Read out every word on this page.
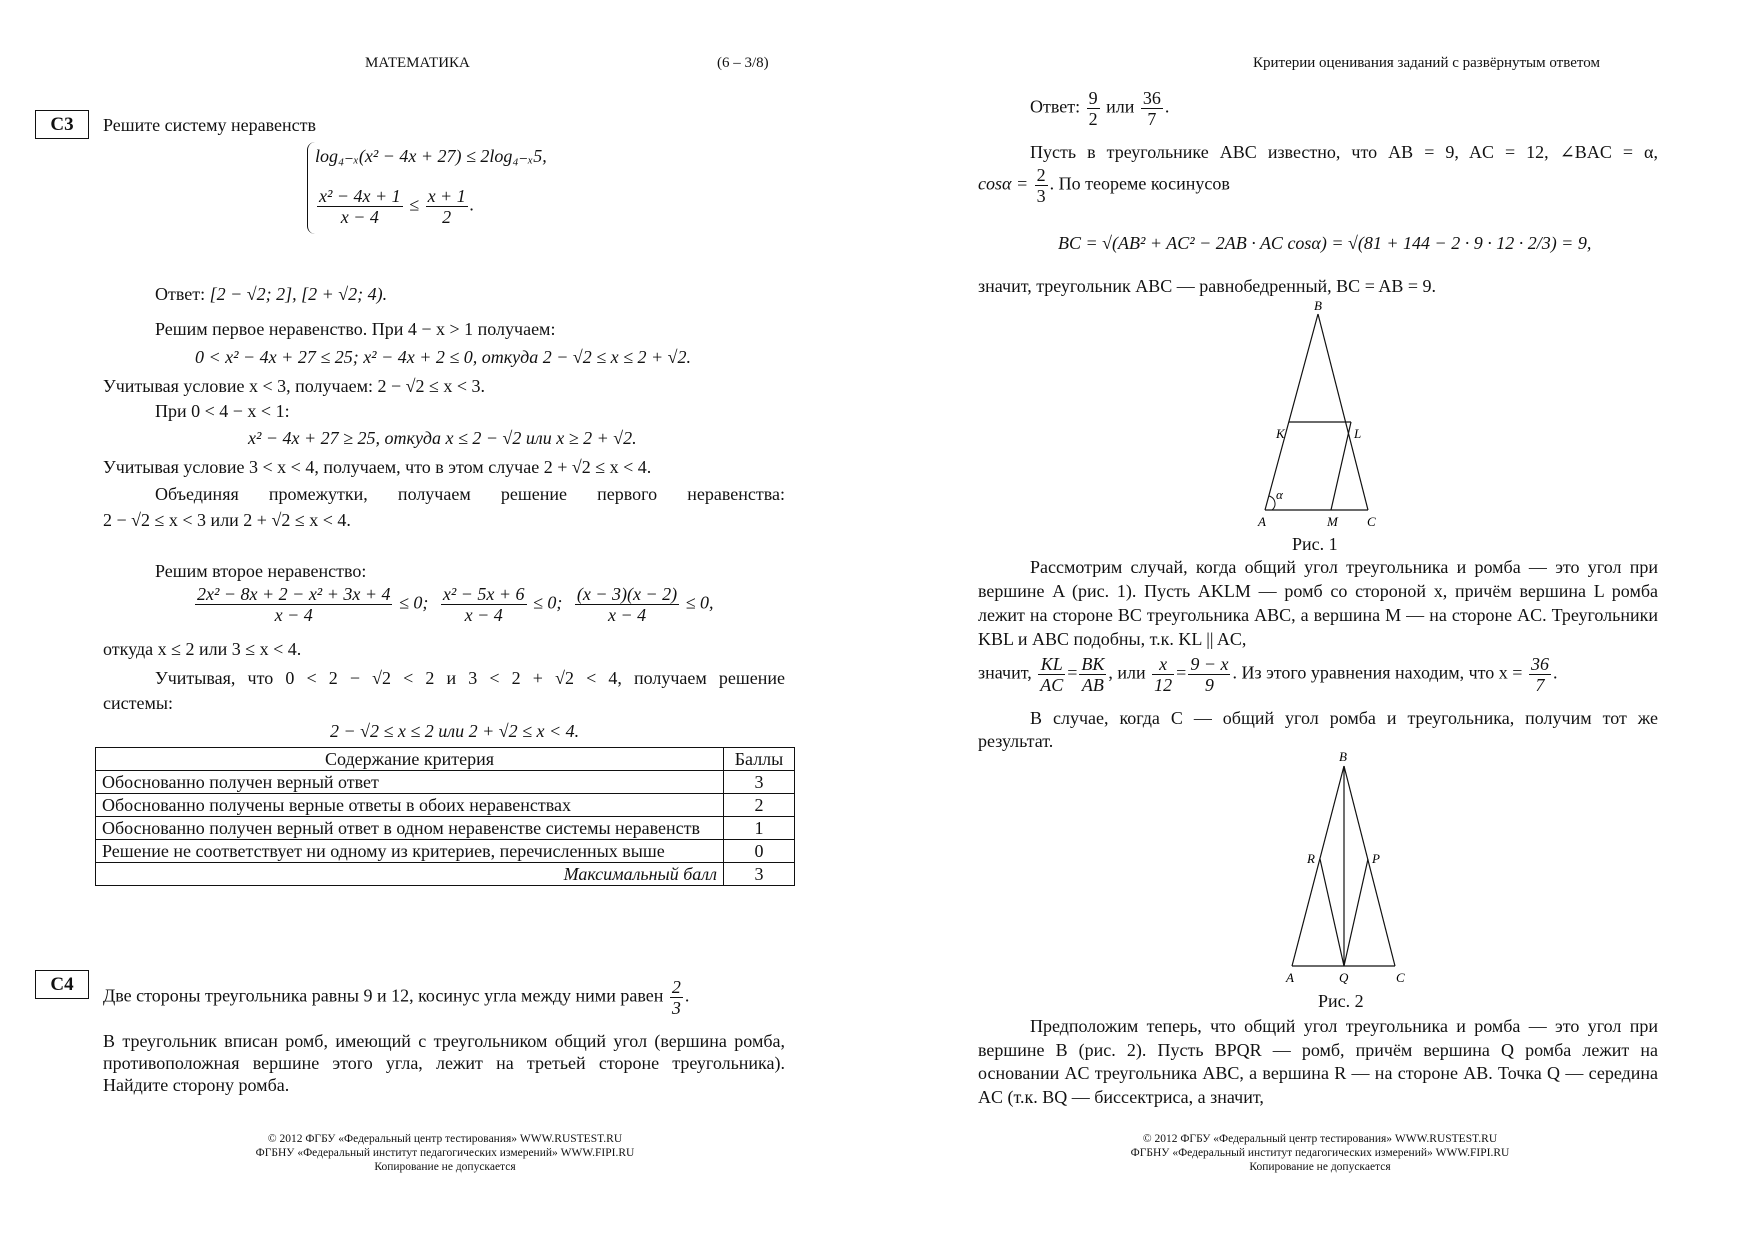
МАТЕМАТИКА	(6 – 3/8)
С3	Решите систему неравенств
log₄₋ₓ(x² − 4x + 27) ≤ 2log₄₋ₓ5,
$\frac{\text{x² − 4x + 1}}{x - 4} \le \frac{x + 1}{2}$ .
Ответ: [2 − √2; 2], [2 + √2; 4).
Решим первое неравенство. При 4 − x > 1 получаем:
0 < x² − 4x + 27 ≤ 25; x² − 4x + 2 ≤ 0, откуда 2 − √2 ≤ x ≤ 2 + √2.
Учитывая условие x < 3, получаем: 2 − √2 ≤ x < 3.
При 0 < 4 − x < 1:
x² − 4x + 27 ≥ 25, откуда x ≤ 2 − √2 или x ≥ 2 + √2.
Учитывая условие 3 < x < 4, получаем, что в этом случае 2 + √2 ≤ x < 4.
Объединяя промежутки, получаем решение первого неравенства:
2 − √2 ≤ x < 3 или 2 + √2 ≤ x < 4.
Решим второе неравенство:
$\frac{\text{2x² − 8x + 2 − x² + 3x + 4}}{x - 4} \le 0$; $\frac{\text{x² − 5x + 6}}{x - 4} \le 0$; $\frac{(x - 3)(x - 2)}{x - 4} \le 0$,
откуда x ≤ 2 или 3 ≤ x < 4.
Учитывая, что 0 < 2 − √2 < 2 и 3 < 2 + √2 < 4, получаем решение
системы:
2 − √2 ≤ x ≤ 2 или 2 + √2 ≤ x < 4.
Содержание критерия	Баллы
Обоснованно получен верный ответ	3
Обоснованно получены верные ответы в обоих неравенствах	2
Обоснованно получен верный ответ в одном неравенстве системы неравенств	1
Решение не соответствует ни одному из критериев, перечисленных выше	0
Максимальный балл	3
С4
Две стороны треугольника равны 9 и 12, косинус угла между ними равен $\frac{2}{3}$ .
В треугольник вписан ромб, имеющий с треугольником общий угол (вершина ромба, противоположная вершине этого угла, лежит на третьей стороне треугольника). Найдите сторону ромба.
© 2012 ФГБУ «Федеральный центр тестирования» WWW.RUSTEST.RU
ФГБНУ «Федеральный институт педагогических измерений» WWW.FIPI.RU
Копирование не допускается
Критерии оценивания заданий с развёрнутым ответом
Ответ: $\frac{9}{2}$ или $\frac{36}{7}$ .
Пусть в треугольнике ABC известно, что AB = 9, AC = 12, ∠BAC = α,
$\cos\alpha = \frac{2}{3}$ . По теореме косинусов
BC = √(AB² + AC² − 2AB · AC cosα) = √(81 + 144 − 2 · 9 · 12 · 2/3) = 9,
значит, треугольник ABC — равнобедренный, BC = AB = 9.
B
A	C
K	L
M
α
Рис. 1
Рассмотрим случай, когда общий угол треугольника и ромба — это угол при вершине A (рис. 1). Пусть AKLM — ромб со стороной x, причём вершина L ромба лежит на стороне BC треугольника ABC, а вершина M — на стороне AC. Треугольники KBL и ABC подобны, т.к. KL || AC,
значит, $\frac{KL}{AC} = \frac{BK}{AB}$ , или $\frac{x}{12} = \frac{9 - x}{9}$ . Из этого уравнения находим, что $x = \frac{36}{7}$ .
В случае, когда C — общий угол ромба и треугольника, получим тот же результат.
B
A	C
R	P
Q
Рис. 2
Предположим теперь, что общий угол треугольника и ромба — это угол при вершине B (рис. 2). Пусть BPQR — ромб, причём вершина Q ромба лежит на основании AC треугольника ABC, а вершина R — на стороне AB. Точка Q — середина AC (т.к. BQ — биссектриса, а значит,
© 2012 ФГБУ «Федеральный центр тестирования» WWW.RUSTEST.RU
ФГБНУ «Федеральный институт педагогических измерений» WWW.FIPI.RU
Копирование не допускается
